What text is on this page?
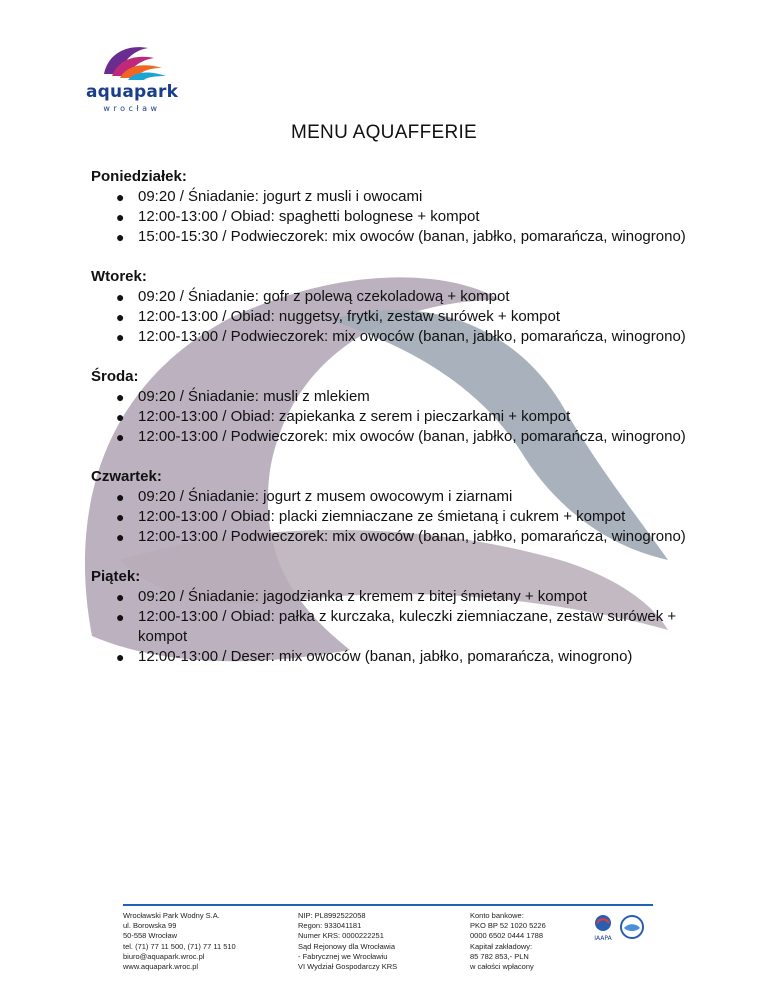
aquapark
wrocław
MENU AQUAFFERIE
Poniedziałek:
● 09:20 / Śniadanie: jogurt z musli i owocami
● 12:00-13:00 / Obiad: spaghetti bolognese + kompot
● 15:00-15:30 / Podwieczorek: mix owoców (banan, jabłko, pomarańcza, winogrono)
Wtorek:
● 09:20 / Śniadanie: gofr z polewą czekoladową + kompot
● 12:00-13:00 / Obiad: nuggetsy, frytki, zestaw surówek + kompot
● 12:00-13:00 / Podwieczorek: mix owoców (banan, jabłko, pomarańcza, winogrono)
Środa:
● 09:20 / Śniadanie: musli z mlekiem
● 12:00-13:00 / Obiad: zapiekanka z serem i pieczarkami + kompot
● 12:00-13:00 / Podwieczorek: mix owoców (banan, jabłko, pomarańcza, winogrono)
Czwartek:
● 09:20 / Śniadanie: jogurt z musem owocowym i ziarnami
● 12:00-13:00 / Obiad: placki ziemniaczane ze śmietaną i cukrem + kompot
● 12:00-13:00 / Podwieczorek: mix owoców (banan, jabłko, pomarańcza, winogrono)
Piątek:
● 09:20 / Śniadanie: jagodzianka z kremem z bitej śmietany + kompot
● 12:00-13:00 / Obiad: pałka z kurczaka, kuleczki ziemniaczane, zestaw surówek + kompot
● 12:00-13:00 / Deser: mix owoców (banan, jabłko, pomarańcza, winogrono)
Wrocławski Park Wodny S.A.
ul. Borowska 99
50-558 Wrocław
tel. (71) 77 11 500, (71) 77 11 510
biuro@aquapark.wroc.pl
www.aquapark.wroc.pl
NIP: PL8992522058
Regon: 933041181
Numer KRS: 0000222251
Sąd Rejonowy dla Wrocławia
- Fabrycznej we Wrocławiu
VI Wydział Gospodarczy KRS
Konto bankowe:
PKO BP 52 1020 5226
0000 6502 0444 1788
Kapitał zakładowy:
85 782 853,- PLN
w całości wpłacony
IAAPA
